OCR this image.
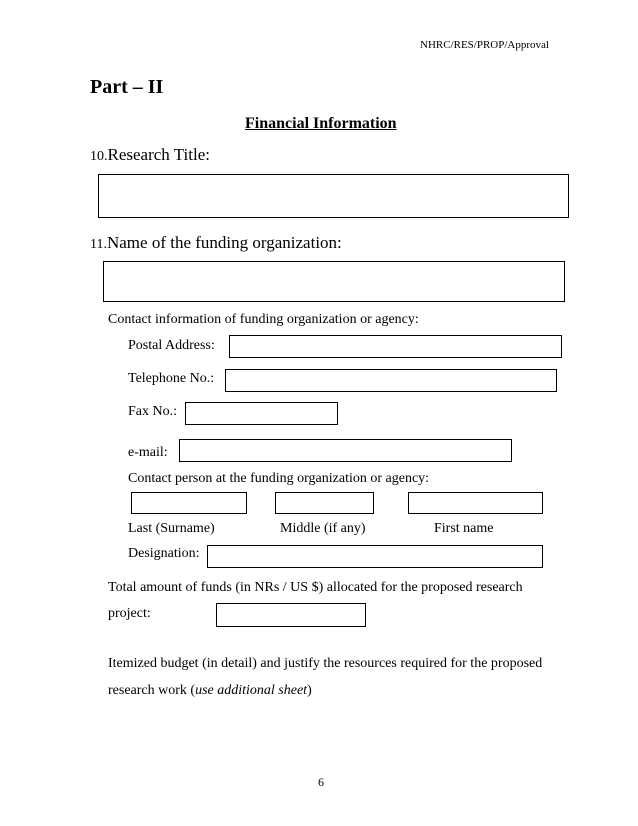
NHRC/RES/PROP/Approval
Part – II
Financial Information
10.Research Title:
11.Name of the funding organization:
Contact information of funding organization or agency:
Postal Address:
Telephone No.:
Fax No.:
e-mail:
Contact person at the funding organization or agency:
Last (Surname)	Middle (if any)	First name
Designation:
Total amount of funds (in NRs / US $) allocated for the proposed research
project:
Itemized budget (in detail) and justify the resources required for the proposed
research work (use additional sheet)
6
